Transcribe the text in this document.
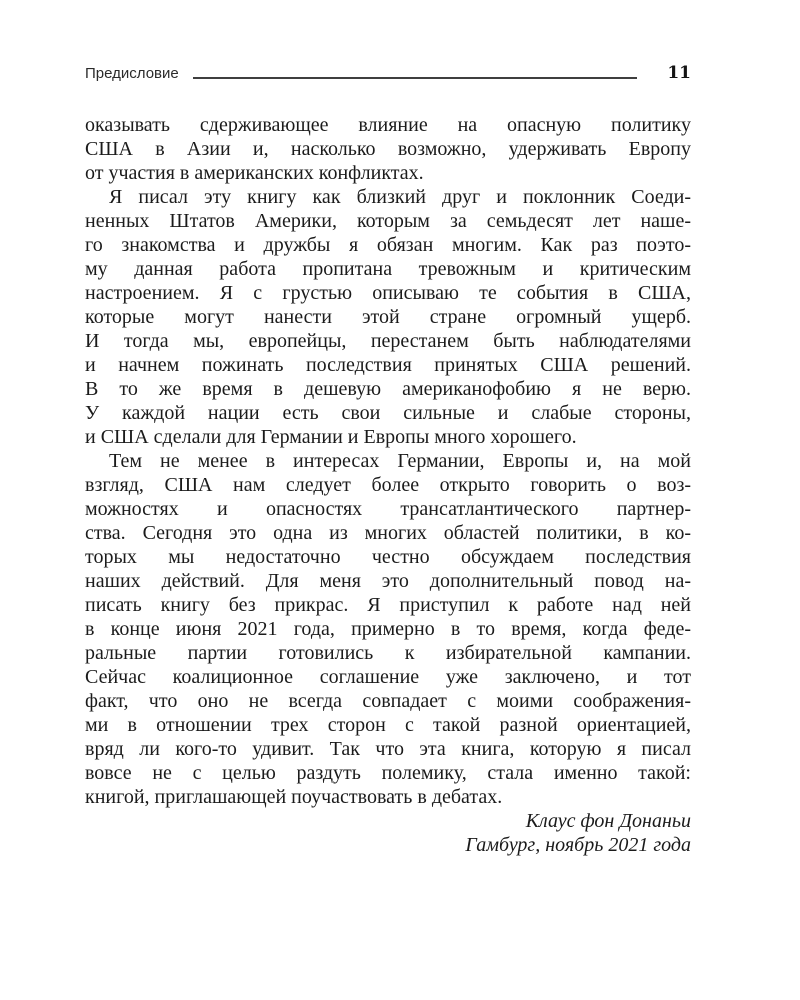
Предисловие	11
оказывать сдерживающее влияние на опасную политику
США в Азии и, насколько возможно, удерживать Европу
от участия в американских конфликтах.
Я писал эту книгу как близкий друг и поклонник Соеди-
ненных Штатов Америки, которым за семьдесят лет наше-
го знакомства и дружбы я обязан многим. Как раз поэто-
му данная работа пропитана тревожным и критическим
настроением. Я с грустью описываю те события в США,
которые могут нанести этой стране огромный ущерб.
И тогда мы, европейцы, перестанем быть наблюдателями
и начнем пожинать последствия принятых США решений.
В то же время в дешевую американофобию я не верю.
У каждой нации есть свои сильные и слабые стороны,
и США сделали для Германии и Европы много хорошего.
Тем не менее в интересах Германии, Европы и, на мой
взгляд, США нам следует более открыто говорить о воз-
можностях и опасностях трансатлантического партнер-
ства. Сегодня это одна из многих областей политики, в ко-
торых мы недостаточно честно обсуждаем последствия
наших действий. Для меня это дополнительный повод на-
писать книгу без прикрас. Я приступил к работе над ней
в конце июня 2021 года, примерно в то время, когда феде-
ральные партии готовились к избирательной кампании.
Сейчас коалиционное соглашение уже заключено, и тот
факт, что оно не всегда совпадает с моими соображения-
ми в отношении трех сторон с такой разной ориентацией,
вряд ли кого-то удивит. Так что эта книга, которую я писал
вовсе не с целью раздуть полемику, стала именно такой:
книгой, приглашающей поучаствовать в дебатах.
Клаус фон Донаньи
Гамбург, ноябрь 2021 года
